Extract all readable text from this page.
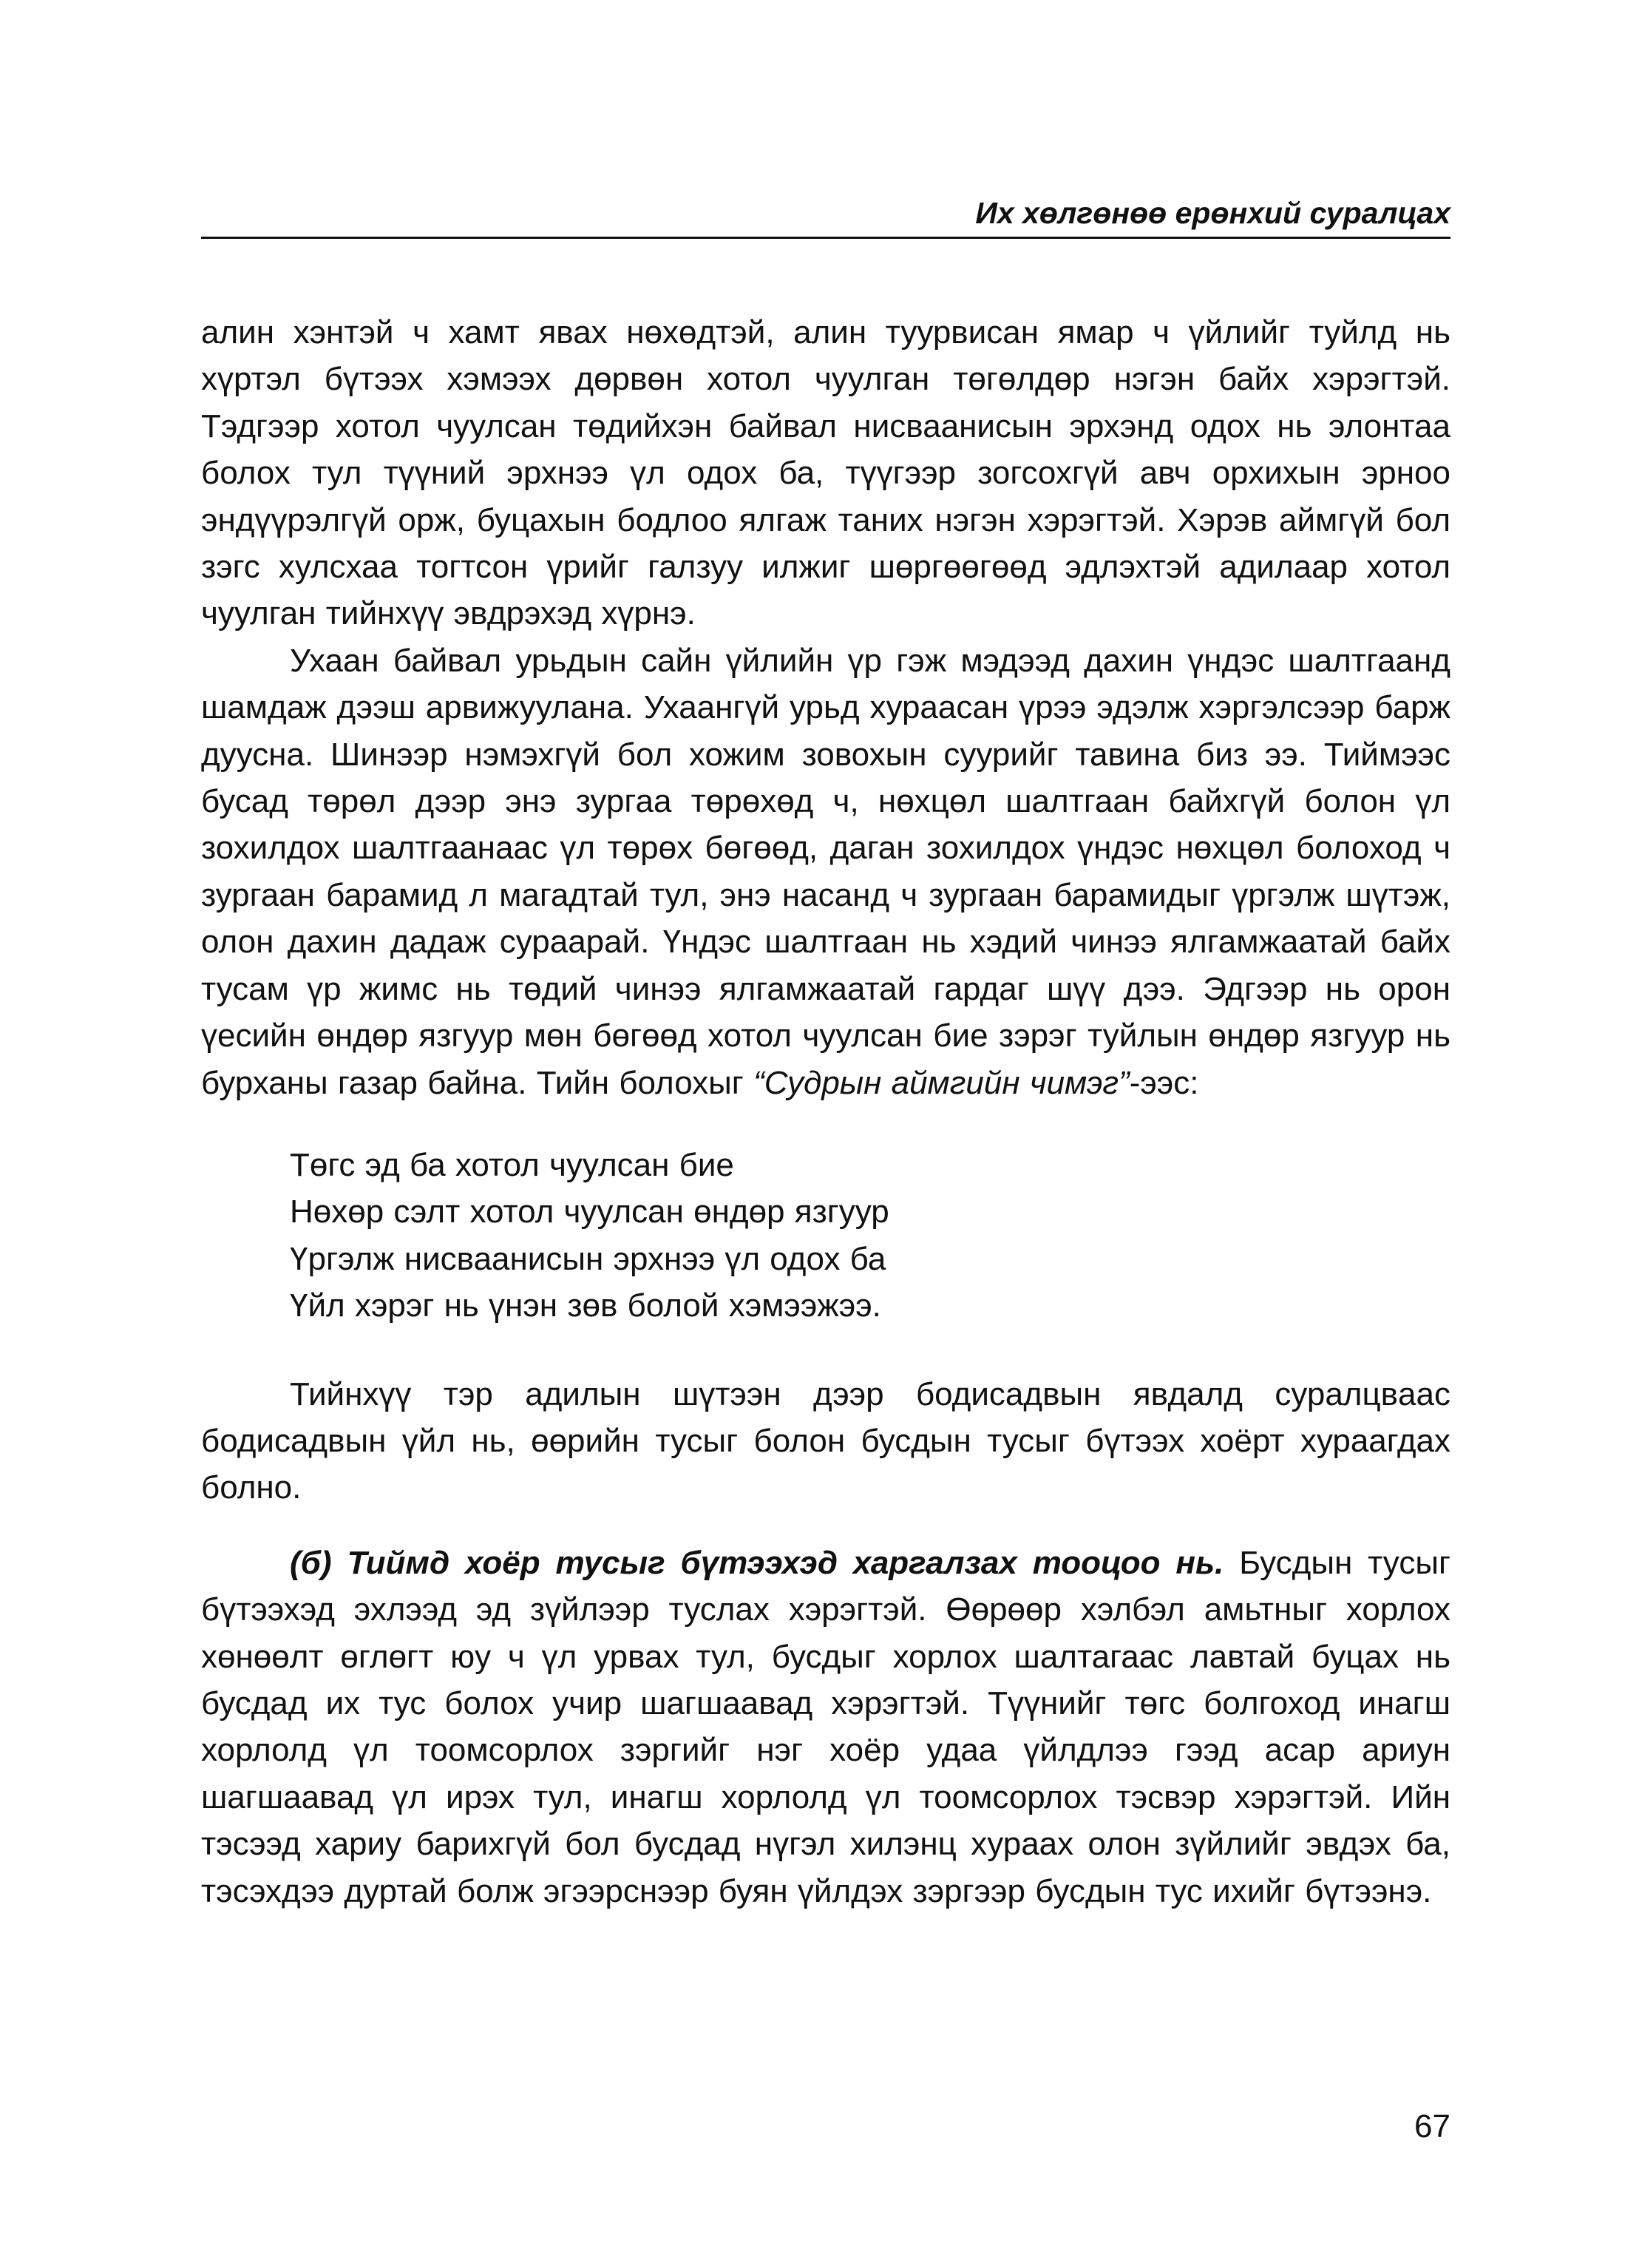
Их хөлгөнөө ерөнхий суралцах

алин хэнтэй ч хамт явах нөхөдтэй, алин туурвисан ямар ч үйлийг туйлд нь хүртэл бүтээх хэмээх дөрвөн хотол чуулган төгөлдөр нэгэн байх хэрэгтэй. Тэдгээр хотол чуулсан төдийхэн байвал нисваанисын эрхэнд одох нь элонтаа болох тул түүний эрхнээ үл одох ба, түүгээр зогсохгүй авч орхихын эрноо эндүүрэлгүй орж, буцахын бодлоо ялгаж таних нэгэн хэрэгтэй. Хэрэв аймгүй бол зэгс хулсхаа тогтсон үрийг галзуу илжиг шөргөөгөөд эдлэхтэй адилаар хотол чуулган тийнхүү эвдрэхэд хүрнэ.

Ухаан байвал урьдын сайн үйлийн үр гэж мэдээд дахин үндэс шалтгаанд шамдаж дээш арвижуулана. Ухаангүй урьд хураасан үрээ эдэлж хэргэлсээр барж дууснa. Шинээр нэмэхгүй бол хожим зовохын суурийг тавина биз ээ. Тиймээс бусад төрөл дээр энэ зургаа төрөхөд ч, нөхцөл шалтгаан байхгүй болон үл зохилдох шалтгаанаас үл төрөх бөгөөд, даган зохилдох үндэс нөхцөл болоход ч зургаан барамид л магадтай тул, энэ насанд ч зургаан барамидыг үргэлж шүтэж, олон дахин дадаж сураарай. Үндэс шалтгаан нь хэдий чинээ ялгамжаатай байх тусам үр жимс нь төдий чинээ ялгамжаатай гардаг шүү дээ. Эдгээр нь орон үесийн өндөр язгуур мөн бөгөөд хотол чуулсан бие зэрэг туйлын өндөр язгуур нь бурханы газар байна. Тийн болохыг “Судрын аймгийн чимэг”-ээс:

Төгс эд ба хотол чуулсан бие
Нөхөр сэлт хотол чуулсан өндөр язгуур
Үргэлж нисваанисын эрхнээ үл одох ба
Үйл хэрэг нь үнэн зөв болой хэмээжээ.

Тийнхүү тэр адилын шүтээн дээр бодисадвын явдалд суралцвaас бодисадвын үйл нь, өөрийн тусыг болон бусдын тусыг бүтээх хоёрт хураагдах болно.

(б) Тиймд хоёр тусыг бүтээхэд харгалзах тооцоо нь. Бусдын тусыг бүтээхэд эхлээд эд зүйлээр туслах хэрэгтэй. Өөрөөр хэлбэл амьтныг хорлох хөнөөлт өглөгт юу ч үл урвах тул, бусдыг хорлох шалтагаас лавтай буцах нь бусдад их тус болох учир шагшаавад хэрэгтэй. Түүнийг төгс болгоход инагш хорлолд үл тоомсорлох зэргийг нэг хоёр удаа үйлдлээ гээд асар ариун шагшаавад үл ирэх тул, инагш хорлолд үл тоомсорлох тэсвэр хэрэгтэй. Ийн тэсээд хариу барихгүй бол бусдад нүгэл хилэнц хураах олон зүйлийг эвдэх ба, тэсэхдээ дуртай болж эгээрснээр буян үйлдэх зэргээр бусдын тус ихийг бүтээнэ.

67
